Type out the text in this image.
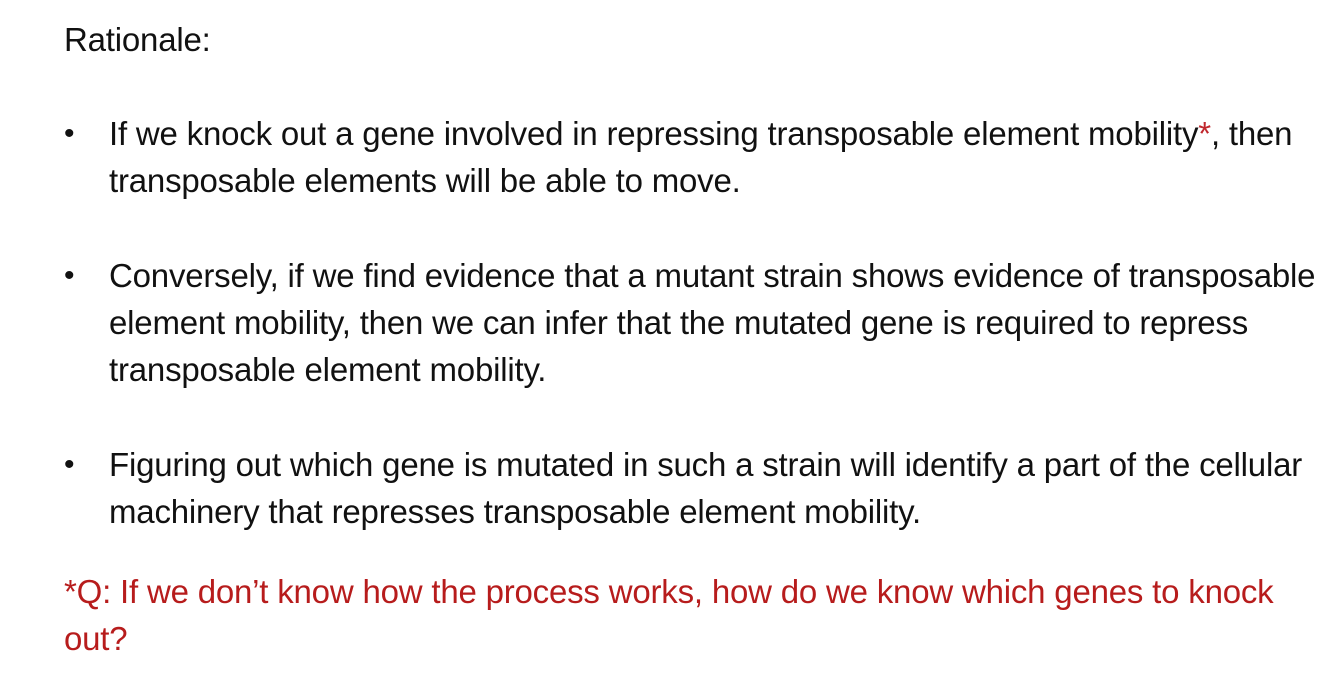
Rationale:
• If we knock out a gene involved in repressing transposable element mobility*, then transposable elements will be able to move.
• Conversely, if we find evidence that a mutant strain shows evidence of transposable element mobility, then we can infer that the mutated gene is required to repress transposable element mobility.
• Figuring out which gene is mutated in such a strain will identify a part of the cellular machinery that represses transposable element mobility.
*Q: If we don’t know how the process works, how do we know which genes to knock out?
